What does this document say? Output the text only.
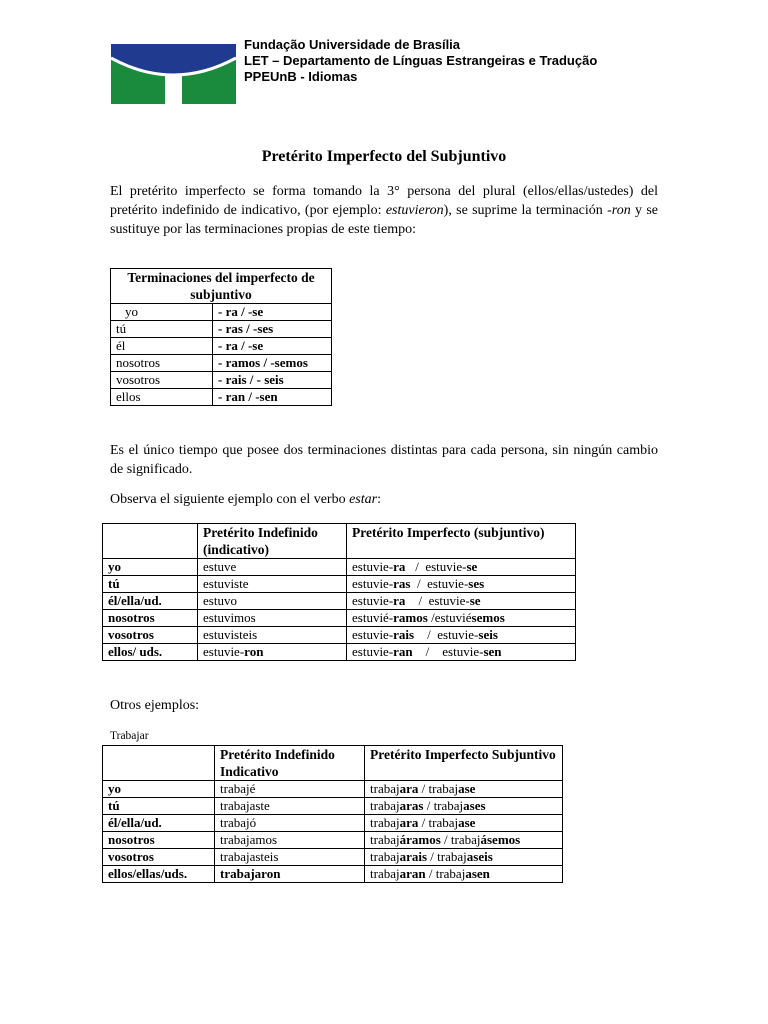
Fundação Universidade de Brasília
LET – Departamento de Línguas Estrangeiras e Tradução
PPEUnB - Idiomas
Pretérito Imperfecto del Subjuntivo

El pretérito imperfecto se forma tomando la 3° persona del plural (ellos/ellas/ustedes) del pretérito indefinido de indicativo, (por ejemplo: estuvieron), se suprime la terminación -ron y se sustituye por las terminaciones propias de este tiempo:

Terminaciones del imperfecto de subjuntivo	
yo	- ra / -se
tú	- ras / -ses
él	- ra / -se
nosotros	- ramos / -semos
vosotros	- rais / - seis
ellos	- ran / -sen

Es el único tiempo que posee dos terminaciones distintas para cada persona, sin ningún cambio de significado.

Observa el siguiente ejemplo con el verbo estar:

	Pretérito Indefinido (indicativo)	Pretérito Imperfecto (subjuntivo)
yo	estuve	estuvie-ra   /  estuvie-se
tú	estuviste	estuvie-ras  /  estuvie-ses
él/ella/ud.	estuvo	estuvie-ra    /  estuvie-se
nosotros	estuvimos	estuvié-ramos /estuviésemos
vosotros	estuvisteis	estuvie-rais    /  estuvie-seis
ellos/ uds.	estuvie-ron	estuvie-ran    /    estuvie-sen
Otros ejemplos:
Trabajar
	Pretérito Indefinido Indicativo	Pretérito Imperfecto Subjuntivo
yo	trabajé	trabajara / trabajase
tú	trabajaste	trabajaras / trabajases
él/ella/ud.	trabajó	trabajara / trabajase
nosotros	trabajamos	trabajáramos / trabajásemos
vosotros	trabajasteis	trabajarais / trabajaseis
ellos/ellas/uds.	trabajaron	trabajaran / trabajasen
